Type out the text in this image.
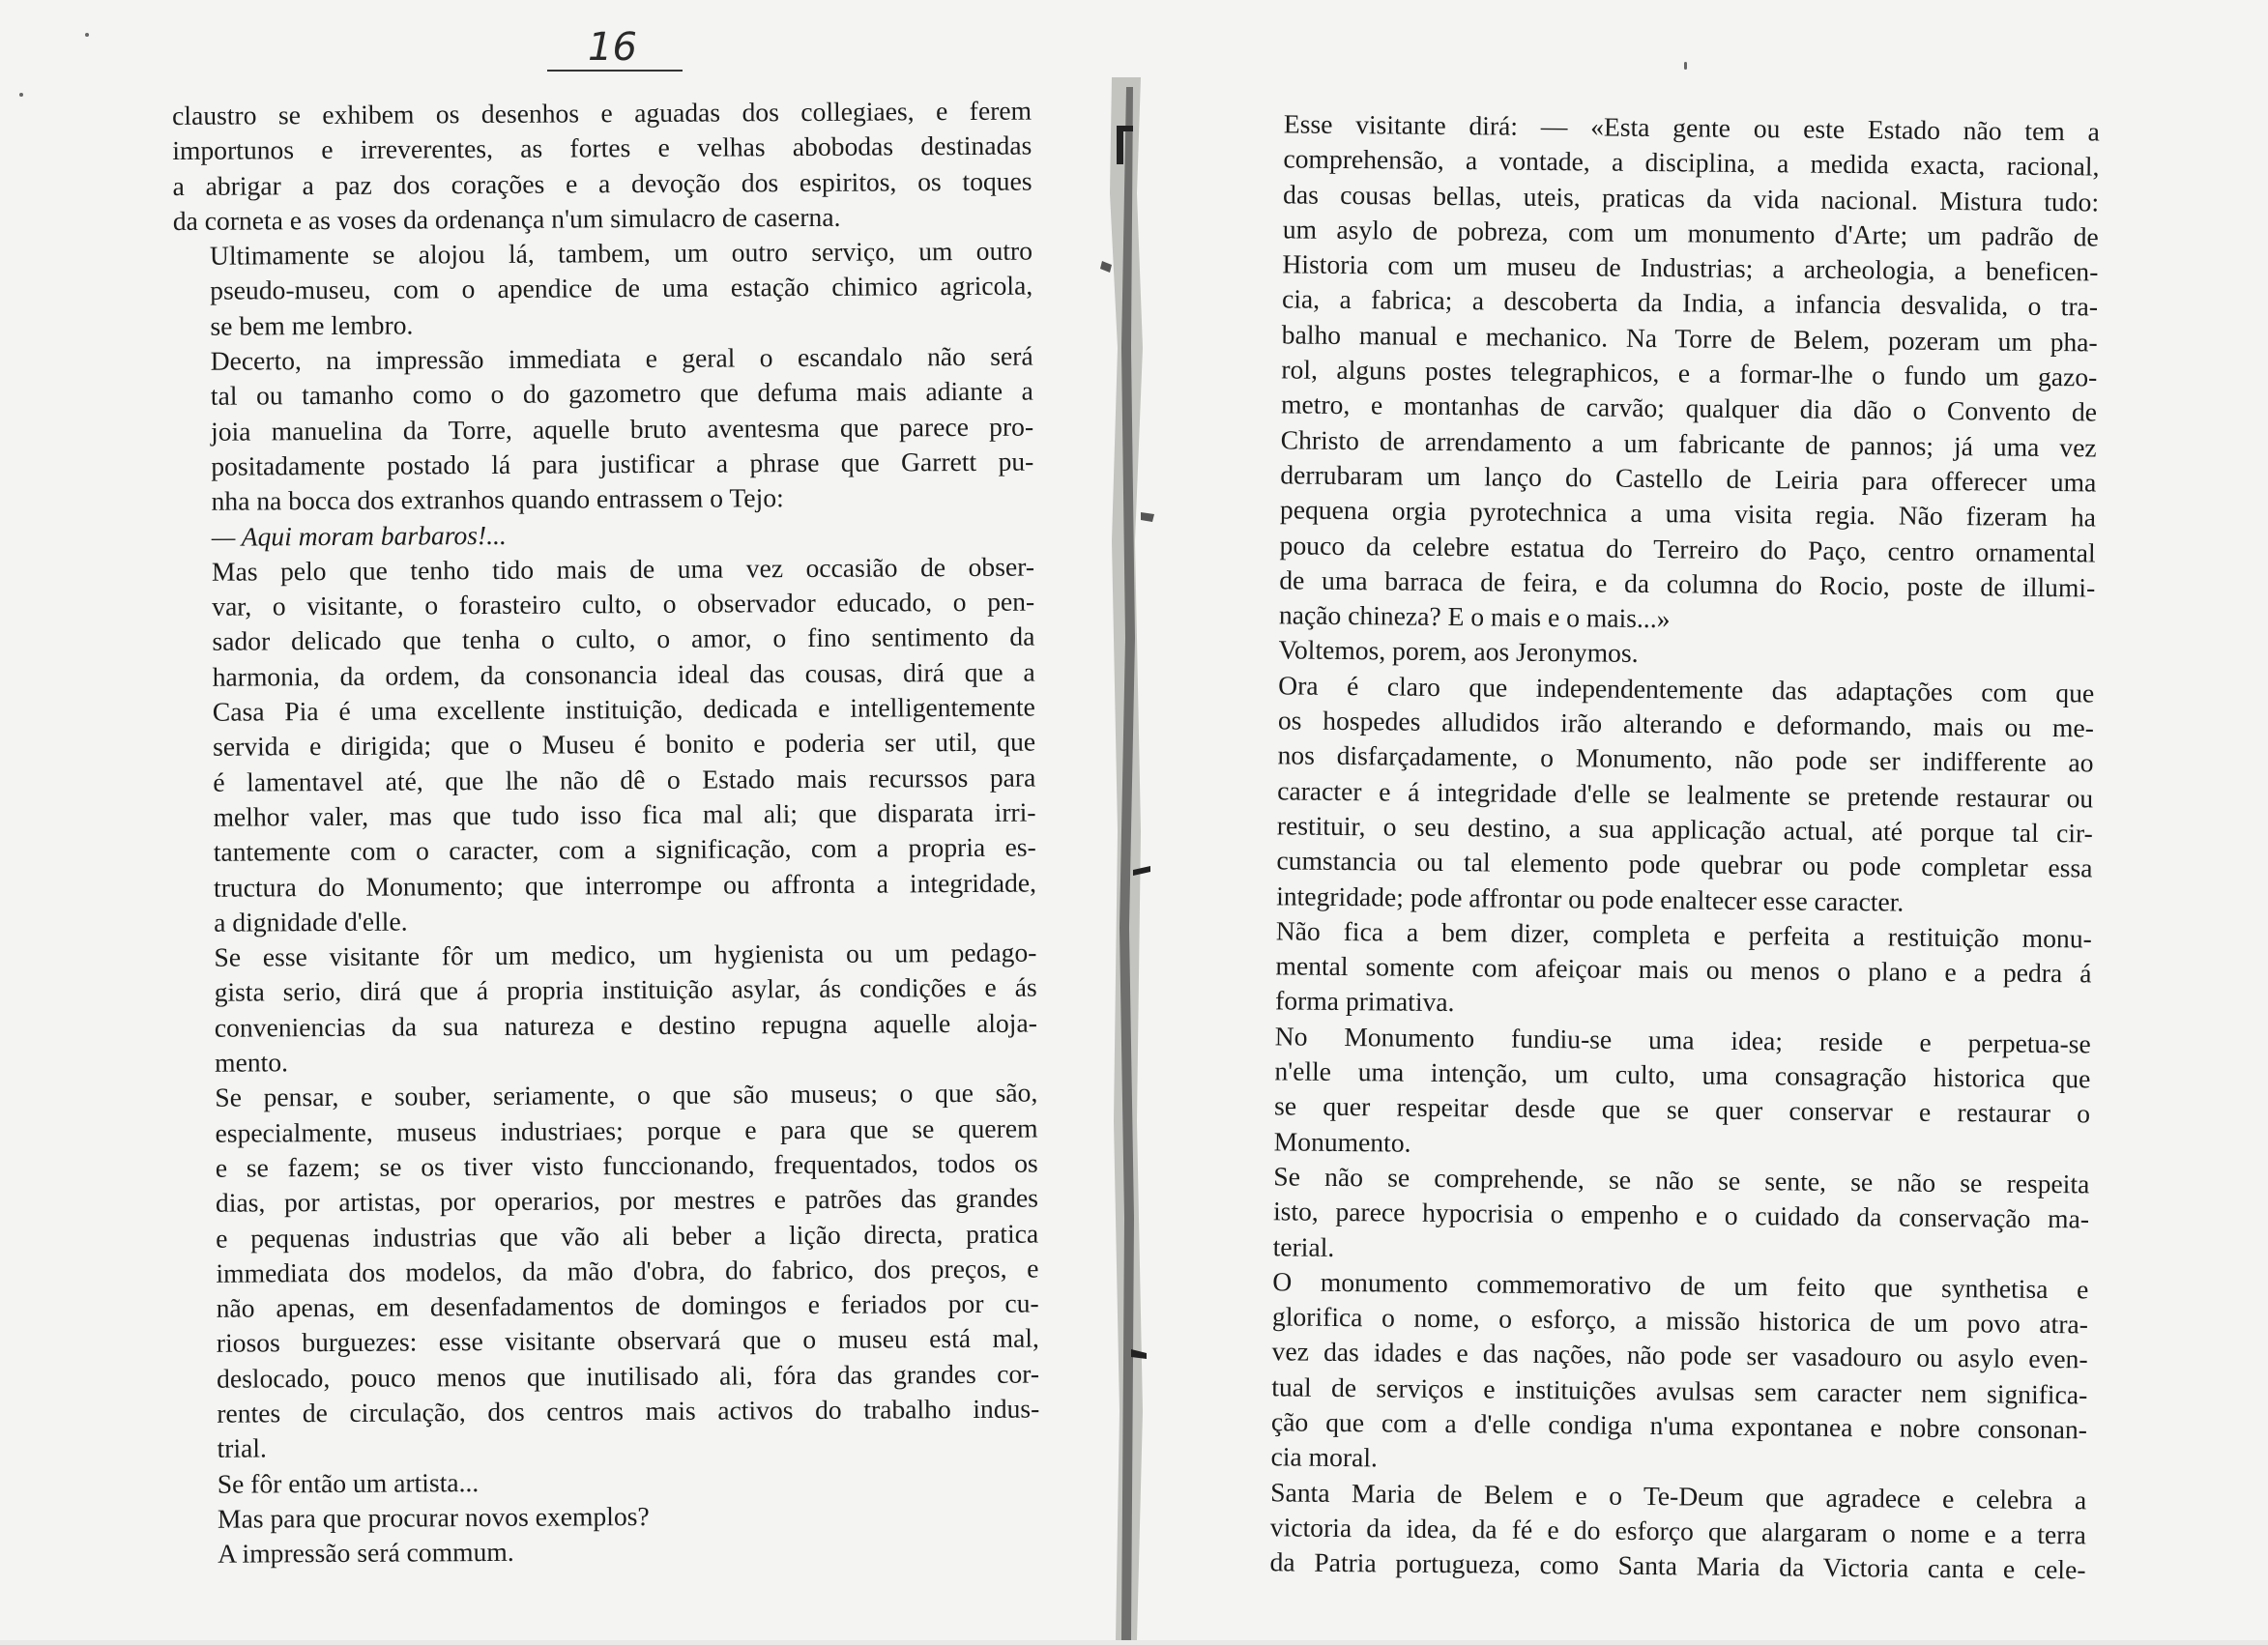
16

claustro se exhibem os desenhos e aguadas dos collegiaes, e ferem
importunos e irreverentes, as fortes e velhas abobodas destinadas
a abrigar a paz dos corações e a devoção dos espiritos, os toques
da corneta e as voses da ordenança n'um simulacro de caserna.

Ultimamente se alojou lá, tambem, um outro serviço, um outro
pseudo-museu, com o apendice de uma estação chimico agricola,
se bem me lembro.

Decerto, na impressão immediata e geral o escandalo não será
tal ou tamanho como o do gazometro que defuma mais adiante a
joia manuelina da Torre, aquelle bruto aventesma que parece pro-
positadamente postado lá para justificar a phrase que Garrett pu-
nha na bocca dos extranhos quando entrassem o Tejo:

— Aqui moram barbaros!...

Mas pelo que tenho tido mais de uma vez occasião de obser-
var, o visitante, o forasteiro culto, o observador educado, o pen-
sador delicado que tenha o culto, o amor, o fino sentimento da
harmonia, da ordem, da consonancia ideal das cousas, dirá que a
Casa Pia é uma excellente instituição, dedicada e intelligentemente
servida e dirigida; que o Museu é bonito e poderia ser util, que
é lamentavel até, que lhe não dê o Estado mais recurssos para
melhor valer, mas que tudo isso fica mal ali; que disparata irri-
tantemente com o caracter, com a significação, com a propria es-
tructura do Monumento; que interrompe ou affronta a integridade,
a dignidade d'elle.

Se esse visitante fôr um medico, um hygienista ou um pedago-
gista serio, dirá que á propria instituição asylar, ás condições e ás
conveniencias da sua natureza e destino repugna aquelle aloja-
mento.

Se pensar, e souber, seriamente, o que são museus; o que são,
especialmente, museus industriaes; porque e para que se querem
e se fazem; se os tiver visto funccionando, frequentados, todos os
dias, por artistas, por operarios, por mestres e patrões das grandes
e pequenas industrias que vão ali beber a lição directa, pratica
immediata dos modelos, da mão d'obra, do fabrico, dos preços, e
não apenas, em desenfadamentos de domingos e feriados por cu-
riosos burguezes: esse visitante observará que o museu está mal,
deslocado, pouco menos que inutilisado ali, fóra das grandes cor-
rentes de circulação, dos centros mais activos do trabalho indus-
trial.

Se fôr então um artista...

Mas para que procurar novos exemplos?

A impressão será commum.

Esse visitante dirá: — «Esta gente ou este Estado não tem a
comprehensão, a vontade, a disciplina, a medida exacta, racional,
das cousas bellas, uteis, praticas da vida nacional. Mistura tudo:
um asylo de pobreza, com um monumento d'Arte; um padrão de
Historia com um museu de Industrias; a archeologia, a beneficen-
cia, a fabrica; a descoberta da India, a infancia desvalida, o tra-
balho manual e mechanico. Na Torre de Belem, pozeram um pha-
rol, alguns postes telegraphicos, e a formar-lhe o fundo um gazo-
metro, e montanhas de carvão; qualquer dia dão o Convento de
Christo de arrendamento a um fabricante de pannos; já uma vez
derrubaram um lanço do Castello de Leiria para offerecer uma
pequena orgia pyrotechnica a uma visita regia. Não fizeram ha
pouco da celebre estatua do Terreiro do Paço, centro ornamental
de uma barraca de feira, e da columna do Rocio, poste de illumi-
nação chineza? E o mais e o mais...»

Voltemos, porem, aos Jeronymos.

Ora é claro que independentemente das adaptações com que
os hospedes alludidos irão alterando e deformando, mais ou me-
nos disfarçadamente, o Monumento, não pode ser indifferente ao
caracter e á integridade d'elle se lealmente se pretende restaurar ou
restituir, o seu destino, a sua applicação actual, até porque tal cir-
cumstancia ou tal elemento pode quebrar ou pode completar essa
integridade; pode affrontar ou pode enaltecer esse caracter.

Não fica a bem dizer, completa e perfeita a restituição monu-
mental somente com afeiçoar mais ou menos o plano e a pedra á
forma primativa.

No Monumento fundiu-se uma idea; reside e perpetua-se
n'elle uma intenção, um culto, uma consagração historica que
se quer respeitar desde que se quer conservar e restaurar o
Monumento.

Se não se comprehende, se não se sente, se não se respeita
isto, parece hypocrisia o empenho e o cuidado da conservação ma-
terial.

O monumento commemorativo de um feito que synthetisa e
glorifica o nome, o esforço, a missão historica de um povo atra-
vez das idades e das nações, não pode ser vasadouro ou asylo even-
tual de serviços e instituições avulsas sem caracter nem significa-
ção que com a d'elle condiga n'uma expontanea e nobre consonan-
cia moral.

Santa Maria de Belem e o Te-Deum que agradece e celebra a
victoria da idea, da fé e do esforço que alargaram o nome e a terra
da Patria portugueza, como Santa Maria da Victoria canta e cele-
